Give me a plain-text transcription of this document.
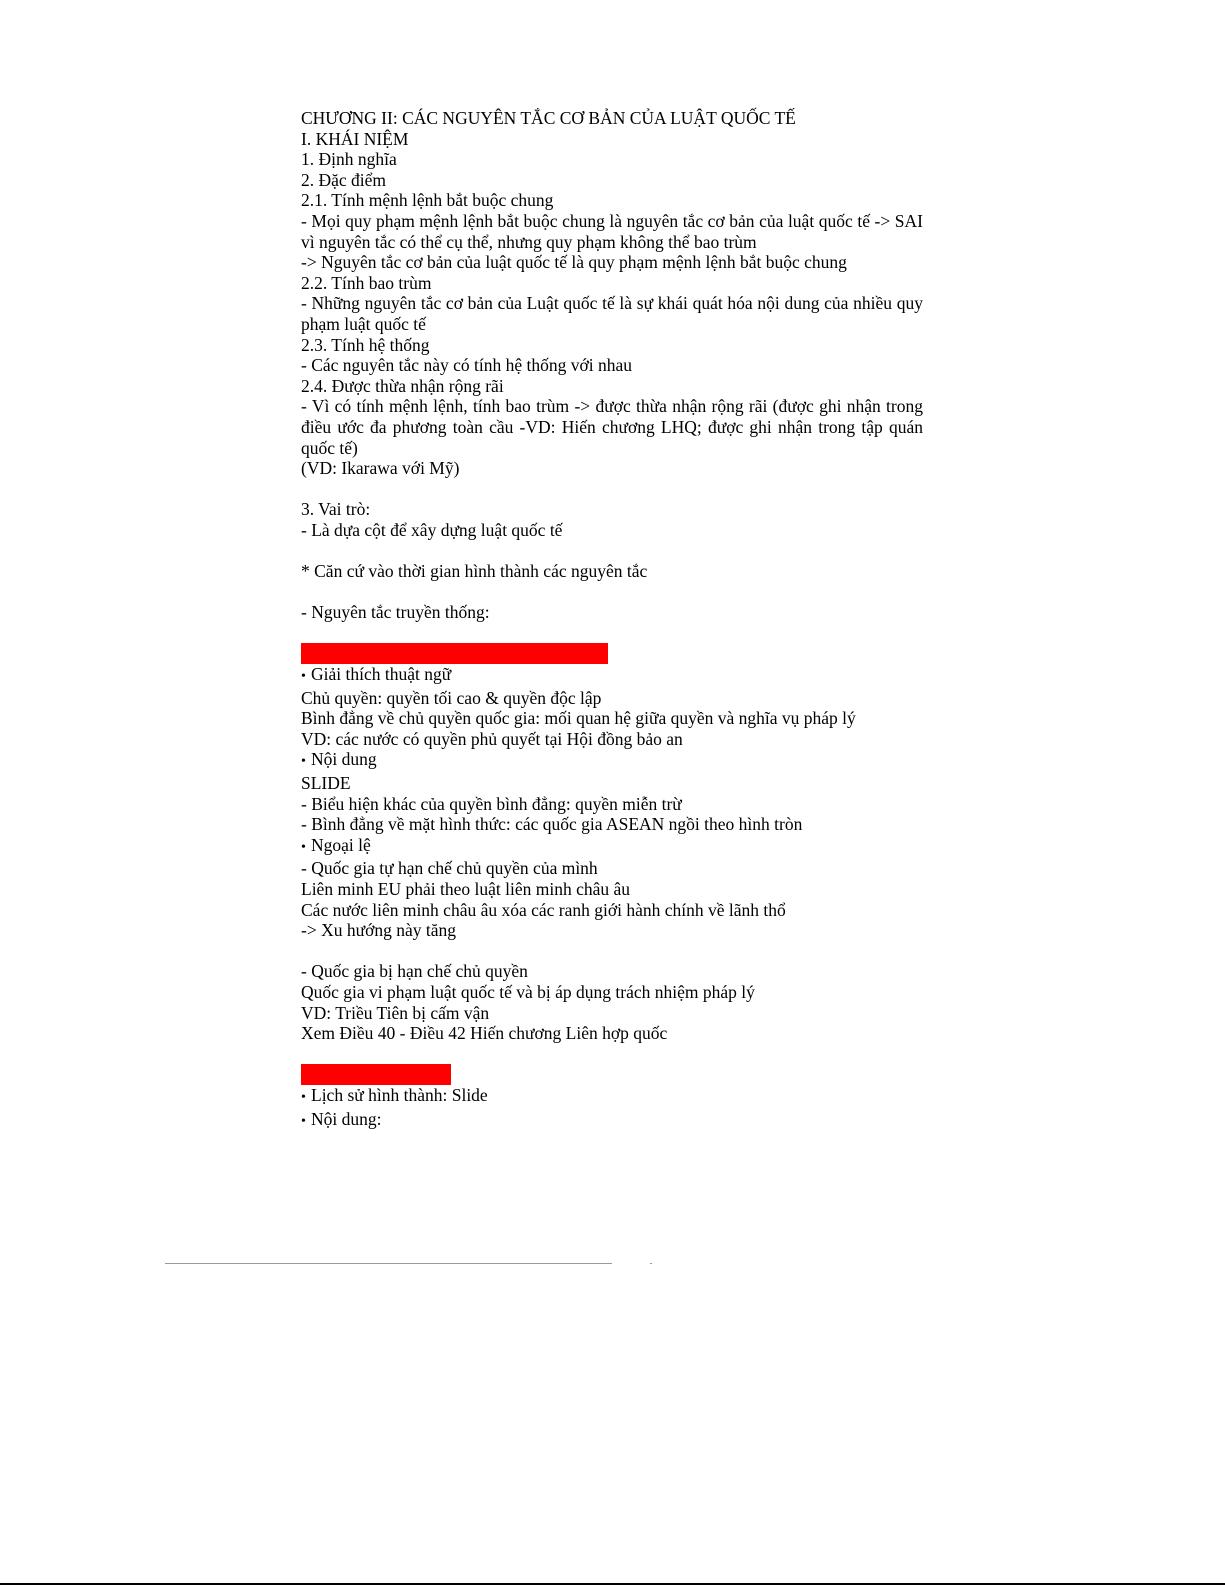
CHƯƠNG II: CÁC NGUYÊN TẮC CƠ BẢN CỦA LUẬT QUỐC TẾ
I. KHÁI NIỆM
1. Định nghĩa
2. Đặc điểm
2.1. Tính mệnh lệnh bắt buộc chung
- Mọi quy phạm mệnh lệnh bắt buộc chung là nguyên tắc cơ bản của luật quốc tế -> SAI vì nguyên tắc có thể cụ thể, nhưng quy phạm không thể bao trùm
-> Nguyên tắc cơ bản của luật quốc tế là quy phạm mệnh lệnh bắt buộc chung
2.2. Tính bao trùm
- Những nguyên tắc cơ bản của Luật quốc tế là sự khái quát hóa nội dung của nhiều quy phạm luật quốc tế
2.3. Tính hệ thống
- Các nguyên tắc này có tính hệ thống với nhau
2.4. Được thừa nhận rộng rãi
- Vì có tính mệnh lệnh, tính bao trùm -> được thừa nhận rộng rãi (được ghi nhận trong điều ước đa phương toàn cầu -VD: Hiến chương LHQ; được ghi nhận trong tập quán quốc tế)
(VD: Ikarawa với Mỹ)
3. Vai trò:
- Là dựa cột để xây dựng luật quốc tế
* Căn cứ vào thời gian hình thành các nguyên tắc
- Nguyên tắc truyền thống:
– bình đẳng về chủ quyền giữa các quốc gia
• Giải thích thuật ngữ
Chủ quyền: quyền tối cao & quyền độc lập
Bình đẳng về chủ quyền quốc gia: mối quan hệ giữa quyền và nghĩa vụ pháp lý
VD: các nước có quyền phủ quyết tại Hội đồng bảo an
• Nội dung
SLIDE
- Biểu hiện khác của quyền bình đẳng: quyền miễn trừ
- Bình đẳng về mặt hình thức: các quốc gia ASEAN ngồi theo hình tròn
• Ngoại lệ
- Quốc gia tự hạn chế chủ quyền của mình
Liên minh EU phải theo luật liên minh châu âu
Các nước liên minh châu âu xóa các ranh giới hành chính về lãnh thổ
-> Xu hướng này tăng
- Quốc gia bị hạn chế chủ quyền
Quốc gia vi phạm luật quốc tế và bị áp dụng trách nhiệm pháp lý
VD: Triều Tiên bị cấm vận
Xem Điều 40 - Điều 42 Hiến chương Liên hợp quốc
– pacta sunt servanda
• Lịch sử hình thành: Slide
• Nội dung:
